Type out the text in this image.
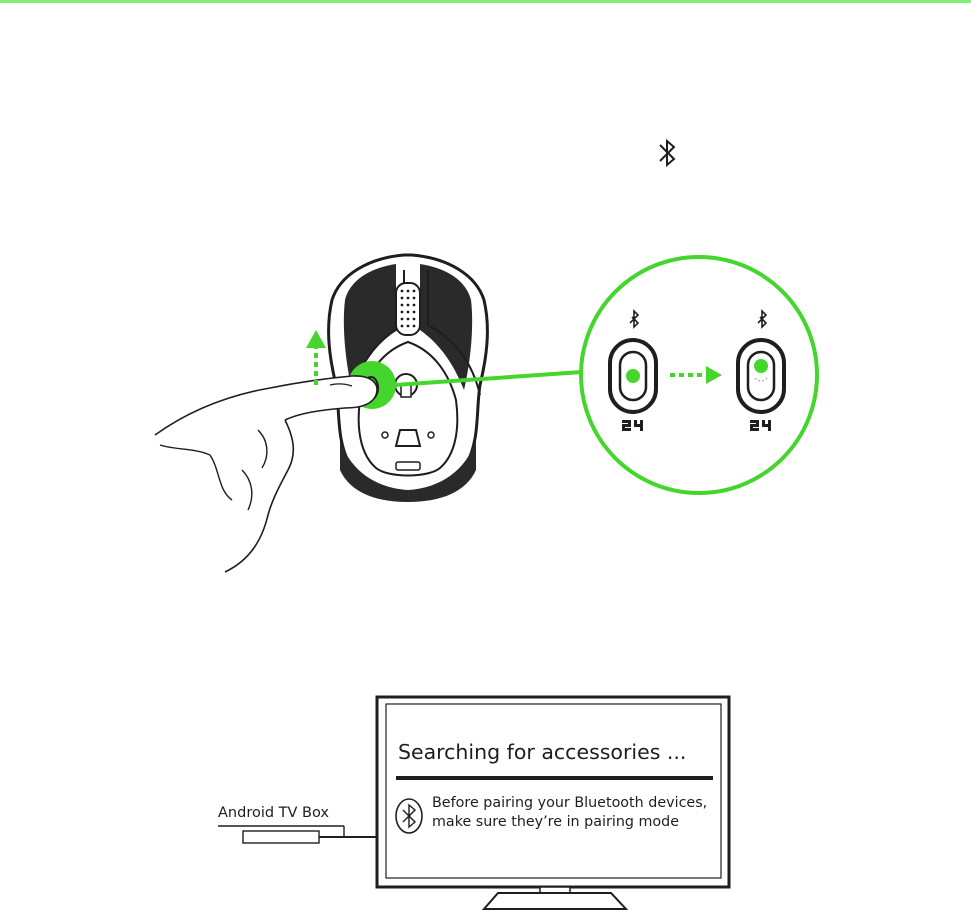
Searching for accessories ...
Before pairing your Bluetooth devices,
make sure they’re in pairing mode
Android TV Box
